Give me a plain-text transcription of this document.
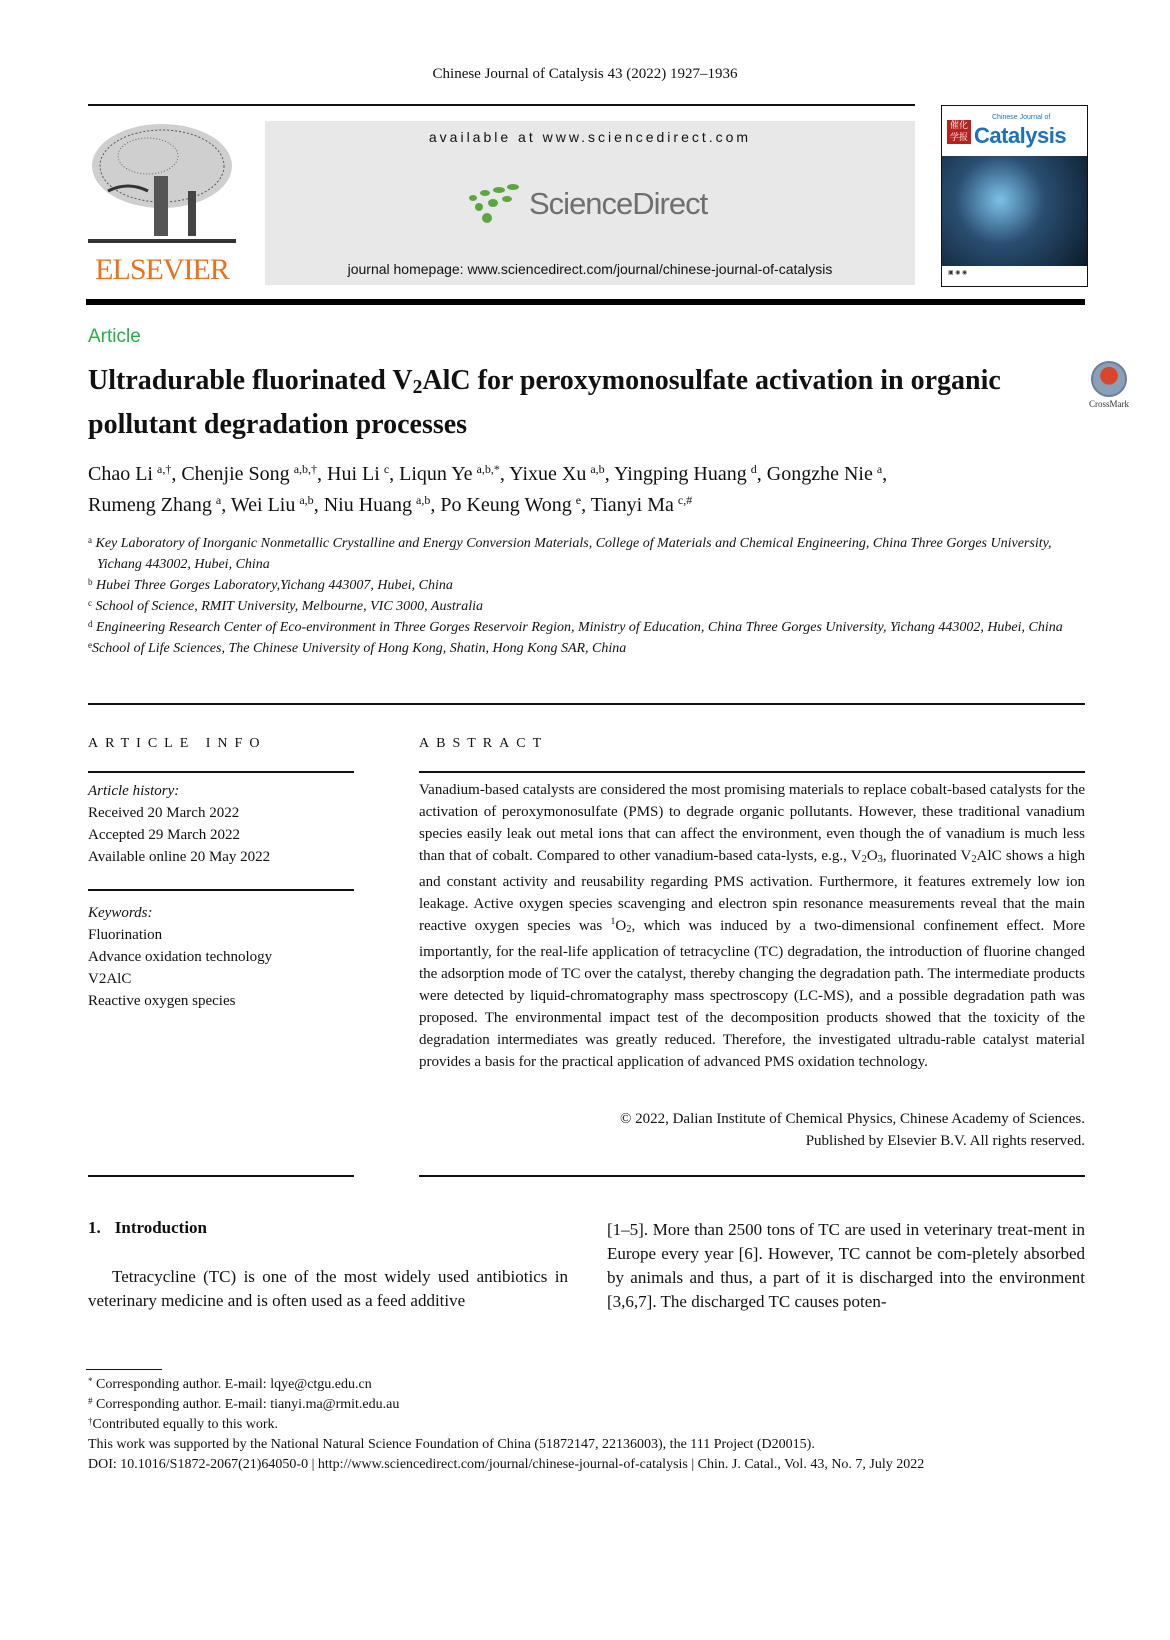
Chinese Journal of Catalysis 43 (2022) 1927–1936
ELSEVIER
available at www.sciencedirect.com
ScienceDirect
journal homepage: www.sciencedirect.com/journal/chinese-journal-of-catalysis
催化学报
Chinese Journal of
Catalysis
▣ ◉ ◉
Article
Ultradurable fluorinated V2AlC for peroxymonosulfate activation in organic pollutant degradation processes
CrossMark
Chao Li  $^{a,\dagger}$, Chenjie Song  $^{a,b,\dagger}$, Hui Li  $^c$, Liqun Ye  $^{a,b,*}$, Yixue Xu  $^{a,b}$, Yingping Huang  $^d$, Gongzhe Nie  $^a$,
Rumeng Zhang  $^a$, Wei Liu  $^{a,b}$, Niu Huang  $^{a,b}$, Po Keung Wong  $^e$, Tianyi Ma  $^{c,\#}$
$^a$ Key Laboratory of Inorganic Nonmetallic Crystalline and Energy Conversion Materials, College of Materials and Chemical Engineering, China Three Gorges University, Yichang 443002, Hubei, China
$^b$ Hubei Three Gorges Laboratory,Yichang 443007, Hubei, China
$^c$ School of Science, RMIT University, Melbourne, VIC 3000, Australia
$^d$ Engineering Research Center of Eco-environment in Three Gorges Reservoir Region, Ministry of Education, China Three Gorges University, Yichang 443002, Hubei, China
$^e$School of Life Sciences, The Chinese University of Hong Kong, Shatin, Hong Kong SAR, China
ARTICLE INFO	ABSTRACT
Article history:
Received 20 March 2022
Accepted 29 March 2022
Available online 20 May 2022
Keywords:
Fluorination
Advance oxidation technology
V2AlC
Reactive oxygen species
Vanadium-based catalysts are considered the most promising materials to replace cobalt-based catalysts for the activation of peroxymonosulfate (PMS) to degrade organic pollutants. However, these traditional vanadium species easily leak out metal ions that can affect the environment, even though the of vanadium is much less than that of cobalt. Compared to other vanadium-based cata-lysts, e.g., $V_2O_3$, fluorinated $V_2AlC$ shows a high and constant activity and reusability regarding PMS activation. Furthermore, it features extremely low ion leakage. Active oxygen species scavenging and electron spin resonance measurements reveal that the main reactive oxygen species was $^1O_2$, which was induced by a two-dimensional confinement effect. More importantly, for the real-life application of tetracycline (TC) degradation, the introduction of fluorine changed the adsorption mode of TC over the catalyst, thereby changing the degradation path. The intermediate products were detected by liquid-chromatography mass spectroscopy (LC-MS), and a possible degradation path was proposed. The environmental impact test of the decomposition products showed that the toxicity of the degradation intermediates was greatly reduced. Therefore, the investigated ultradu-rable catalyst material provides a basis for the practical application of advanced PMS oxidation technology.
© 2022, Dalian Institute of Chemical Physics, Chinese Academy of Sciences.
Published by Elsevier B.V. All rights reserved.
1. Introduction
Tetracycline (TC) is one of the most widely used antibiotics in veterinary medicine and is often used as a feed additive
[1–5]. More than 2500 tons of TC are used in veterinary treat-ment in Europe every year [6]. However, TC cannot be com-pletely absorbed by animals and thus, a part of it is discharged into the environment [3,6,7]. The discharged TC causes poten-
* Corresponding author. E-mail: lqye@ctgu.edu.cn
# Corresponding author. E-mail: tianyi.ma@rmit.edu.au
†Contributed equally to this work.
This work was supported by the National Natural Science Foundation of China (51872147, 22136003), the 111 Project (D20015).
DOI: 10.1016/S1872-2067(21)64050-0 | http://www.sciencedirect.com/journal/chinese-journal-of-catalysis | Chin. J. Catal., Vol. 43, No. 7, July 2022
